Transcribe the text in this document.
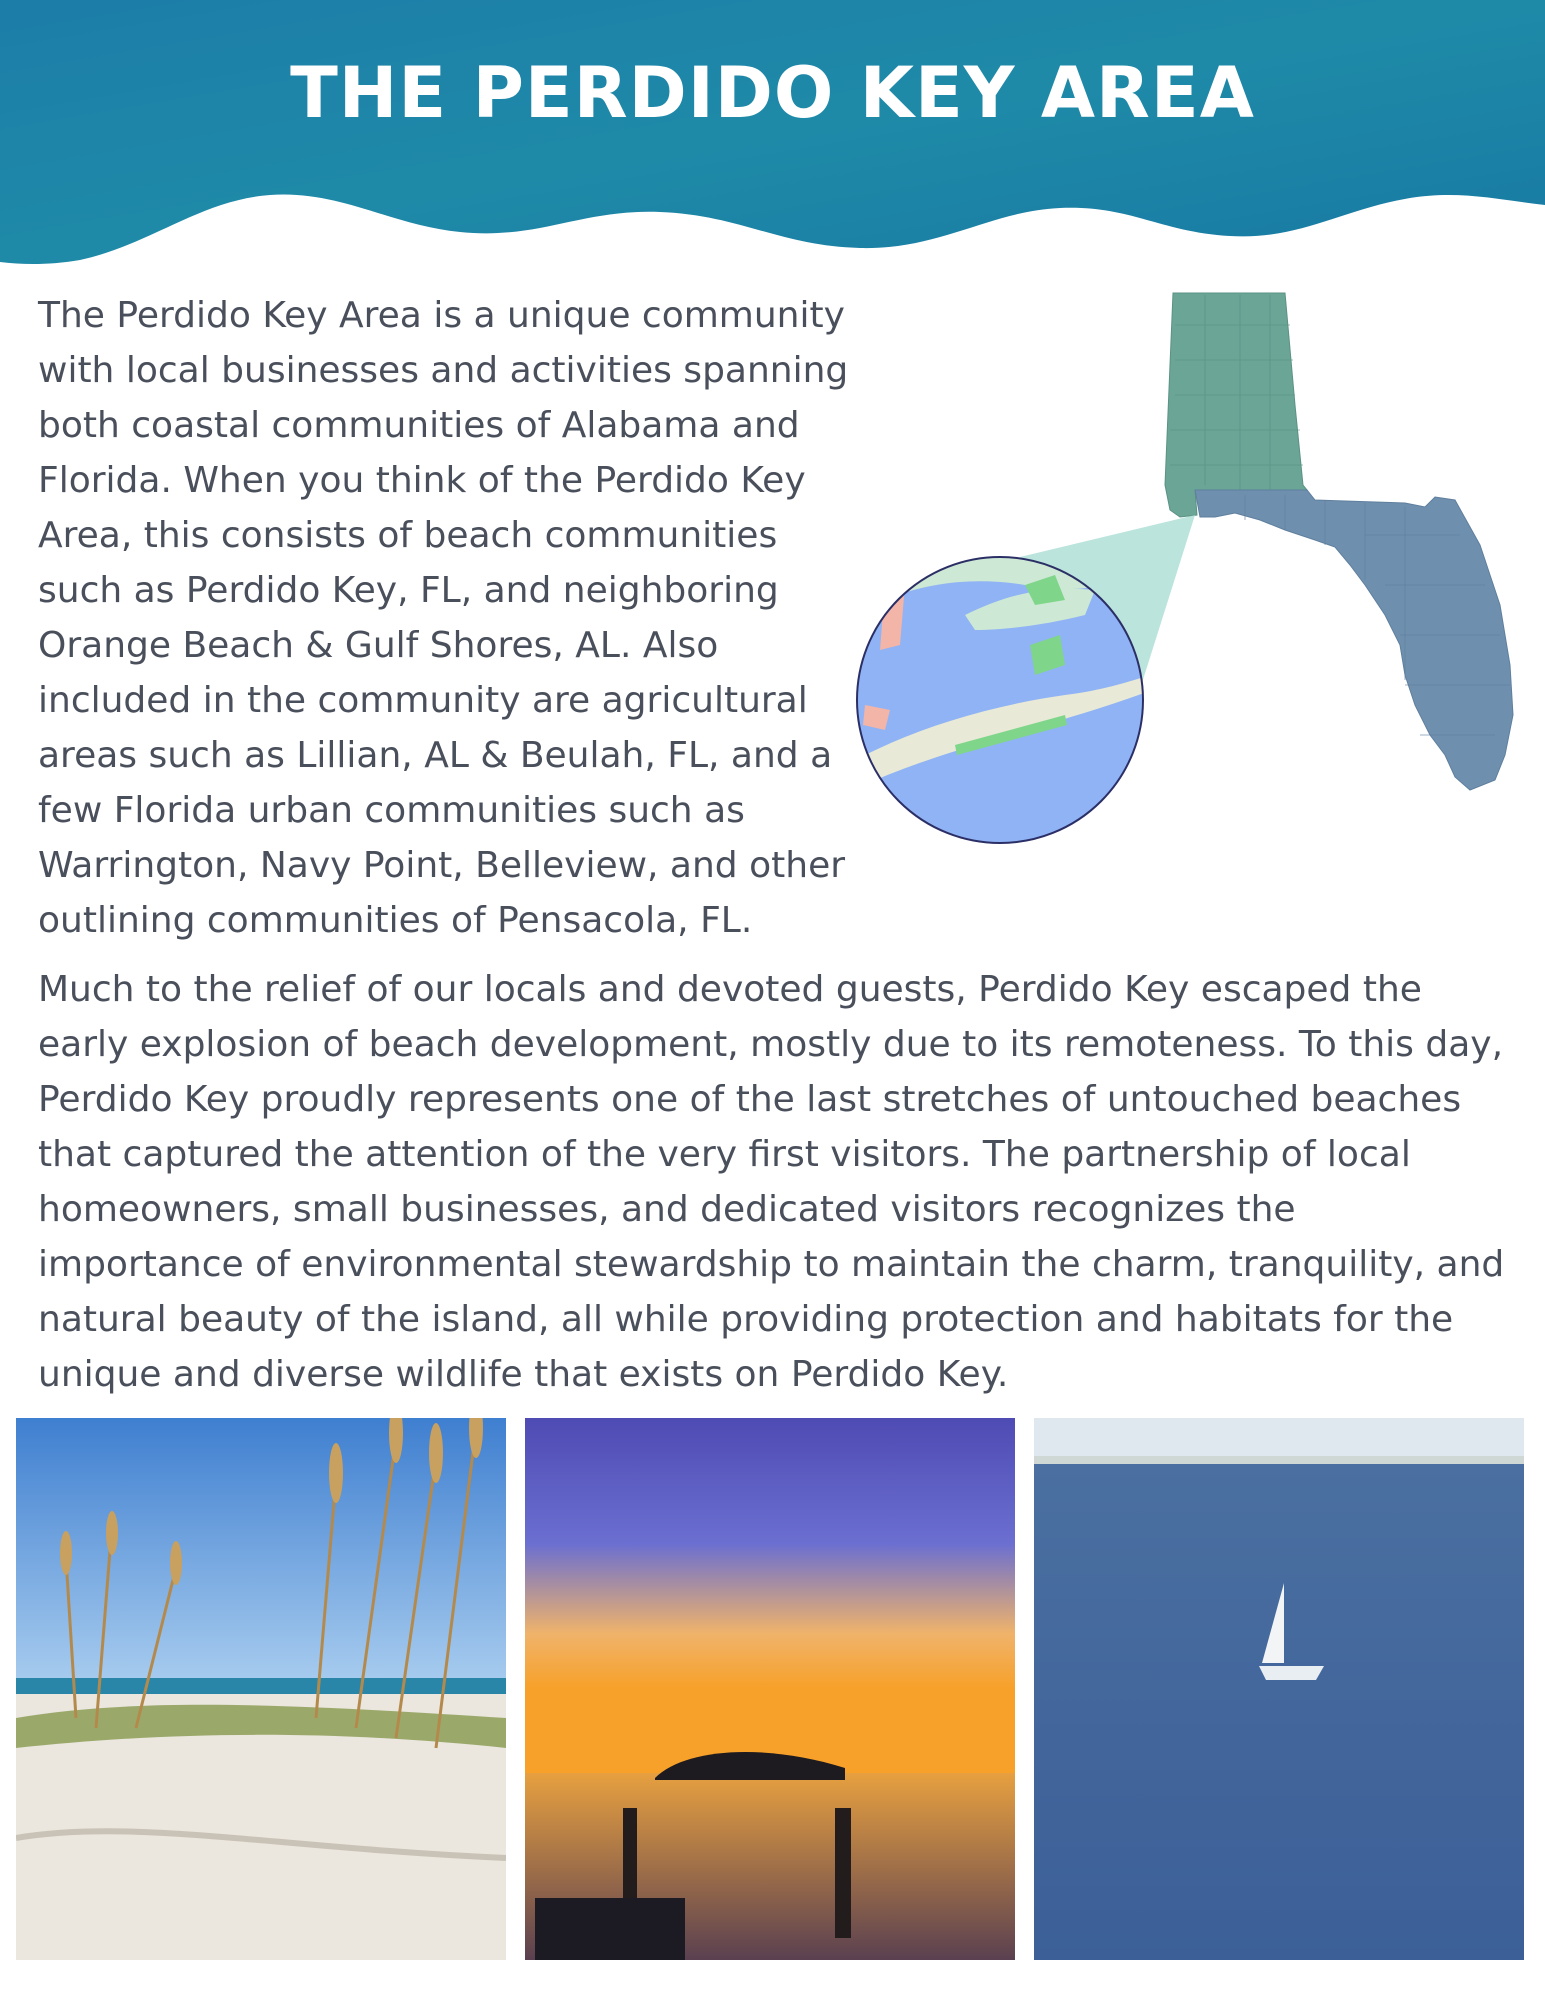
THE PERDIDO KEY AREA

The Perdido Key Area is a unique community with local businesses and activities spanning both coastal communities of Alabama and Florida. When you think of the Perdido Key Area, this consists of beach communities such as Perdido Key, FL, and neighboring Orange Beach & Gulf Shores, AL. Also included in the community are agricultural areas such as Lillian, AL & Beulah, FL, and a few Florida urban communities such as Warrington, Navy Point, Belleview, and other outlining communities of Pensacola, FL.

Much to the relief of our locals and devoted guests, Perdido Key escaped the early explosion of beach development, mostly due to its remoteness. To this day, Perdido Key proudly represents one of the last stretches of untouched beaches that captured the attention of the very first visitors. The partnership of local homeowners, small businesses, and dedicated visitors recognizes the importance of environmental stewardship to maintain the charm, tranquility, and natural beauty of the island, all while providing protection and habitats for the unique and diverse wildlife that exists on Perdido Key.
